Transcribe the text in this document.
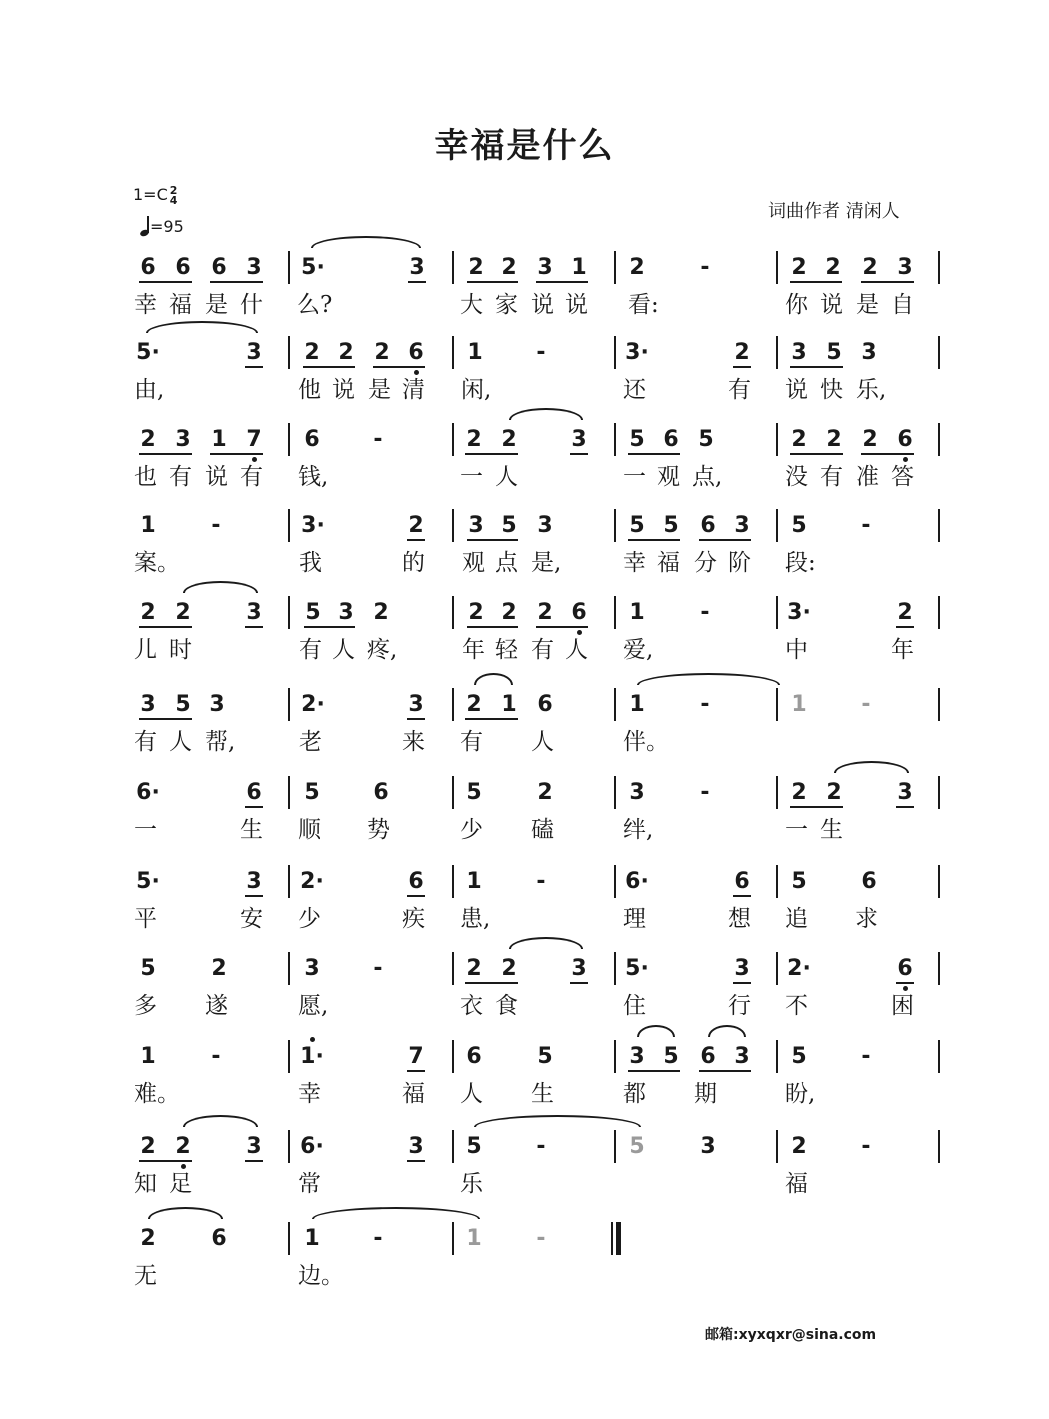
幸福是什么
1=C 2
4
=95
词曲作者 清闲人
6 6 6 3	5·	3	2 2 3 1	2	-	2 2 2 3
幸 福 是 什 么?	大 家 说 说 看:	你 说 是 自
5·	3	2 2 2 6	1	-	3·	2	3 5 3
由,	他 说 是 清 闲,	还	有 说 快 乐,
2 3 1 7	6	-	2 2	3	5 6 5	2 2 2 6
也 有 说 有 钱,	一 人	一 观 点,	没 有 准 答
1	-	3·	2	3 5 3	5 5 6 3	5	-
案。	我	的 观 点 是,	幸 福 分 阶 段:
2 2	3	5 3 2	2 2 2 6	1	-	3·	2
儿 时	有 人 疼,	年 轻 有 人 爱,	中	年
3 5 3	2·	3	2 1 6	1	-	1	-
有 人 帮,	老	来 有 人	伴。
6·	6	5	6	5	2	3	-	2 2	3
一	生 顺 势	少 磕	绊,	一 生
5·	3	2·	6	1	-	6·	6	5	6
平	安 少	疾 患,	理	想 追 求
5	2	3	-	2 2	3	5·	3	2·	6
多 遂	愿,	衣 食	住	行 不	困
1	-	1·	7	6	5	3 5 6 3	5	-
难。	幸	福 人 生	都 期	盼,
2 2	3	6·	3	5	-	5	3	2	-
知 足	常	乐	福
2	6	1	-	1	-
无	边。
邮箱:xyxqxr@sina.com
